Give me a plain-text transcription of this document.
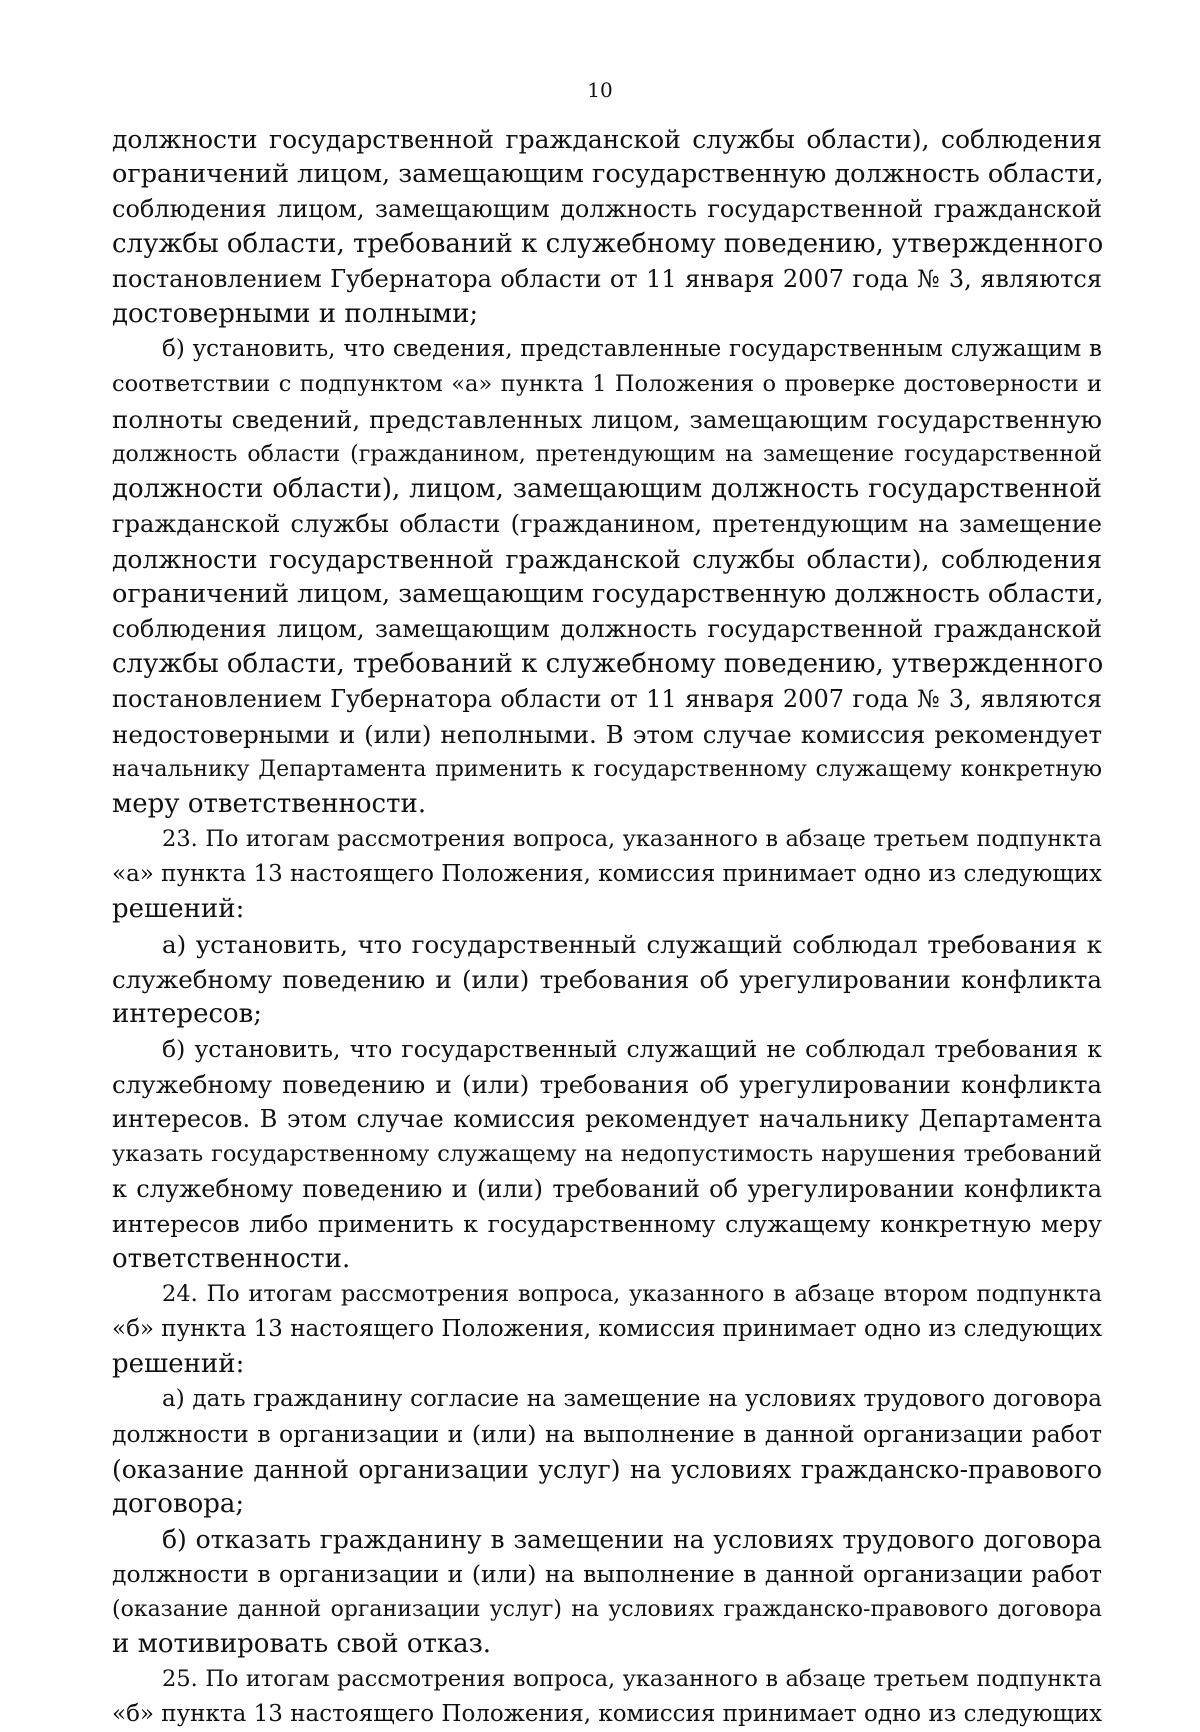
10
должности государственной гражданской службы области), соблюдения
ограничений лицом, замещающим государственную должность области,
соблюдения лицом, замещающим должность государственной гражданской
службы области, требований к служебному поведению, утвержденного
постановлением Губернатора области от 11 января 2007 года № 3, являются
достоверными и полными;
б) установить, что сведения, представленные государственным служащим в
соответствии с подпунктом «а» пункта 1 Положения о проверке достоверности и
полноты сведений, представленных лицом, замещающим государственную
должность области (гражданином, претендующим на замещение государственной
должности области), лицом, замещающим должность государственной
гражданской службы области (гражданином, претендующим на замещение
должности государственной гражданской службы области), соблюдения
ограничений лицом, замещающим государственную должность области,
соблюдения лицом, замещающим должность государственной гражданской
службы области, требований к служебному поведению, утвержденного
постановлением Губернатора области от 11 января 2007 года № 3, являются
недостоверными и (или) неполными. В этом случае комиссия рекомендует
начальнику Департамента применить к государственному служащему конкретную
меру ответственности.
23. По итогам рассмотрения вопроса, указанного в абзаце третьем подпункта
«а» пункта 13 настоящего Положения, комиссия принимает одно из следующих
решений:
а) установить, что государственный служащий соблюдал требования к
служебному поведению и (или) требования об урегулировании конфликта
интересов;
б) установить, что государственный служащий не соблюдал требования к
служебному поведению и (или) требования об урегулировании конфликта
интересов. В этом случае комиссия рекомендует начальнику Департамента
указать государственному служащему на недопустимость нарушения требований
к служебному поведению и (или) требований об урегулировании конфликта
интересов либо применить к государственному служащему конкретную меру
ответственности.
24. По итогам рассмотрения вопроса, указанного в абзаце втором подпункта
«б» пункта 13 настоящего Положения, комиссия принимает одно из следующих
решений:
а) дать гражданину согласие на замещение на условиях трудового договора
должности в организации и (или) на выполнение в данной организации работ
(оказание данной организации услуг) на условиях гражданско-правового
договора;
б) отказать гражданину в замещении на условиях трудового договора
должности в организации и (или) на выполнение в данной организации работ
(оказание данной организации услуг) на условиях гражданско-правового договора
и мотивировать свой отказ.
25. По итогам рассмотрения вопроса, указанного в абзаце третьем подпункта
«б» пункта 13 настоящего Положения, комиссия принимает одно из следующих
